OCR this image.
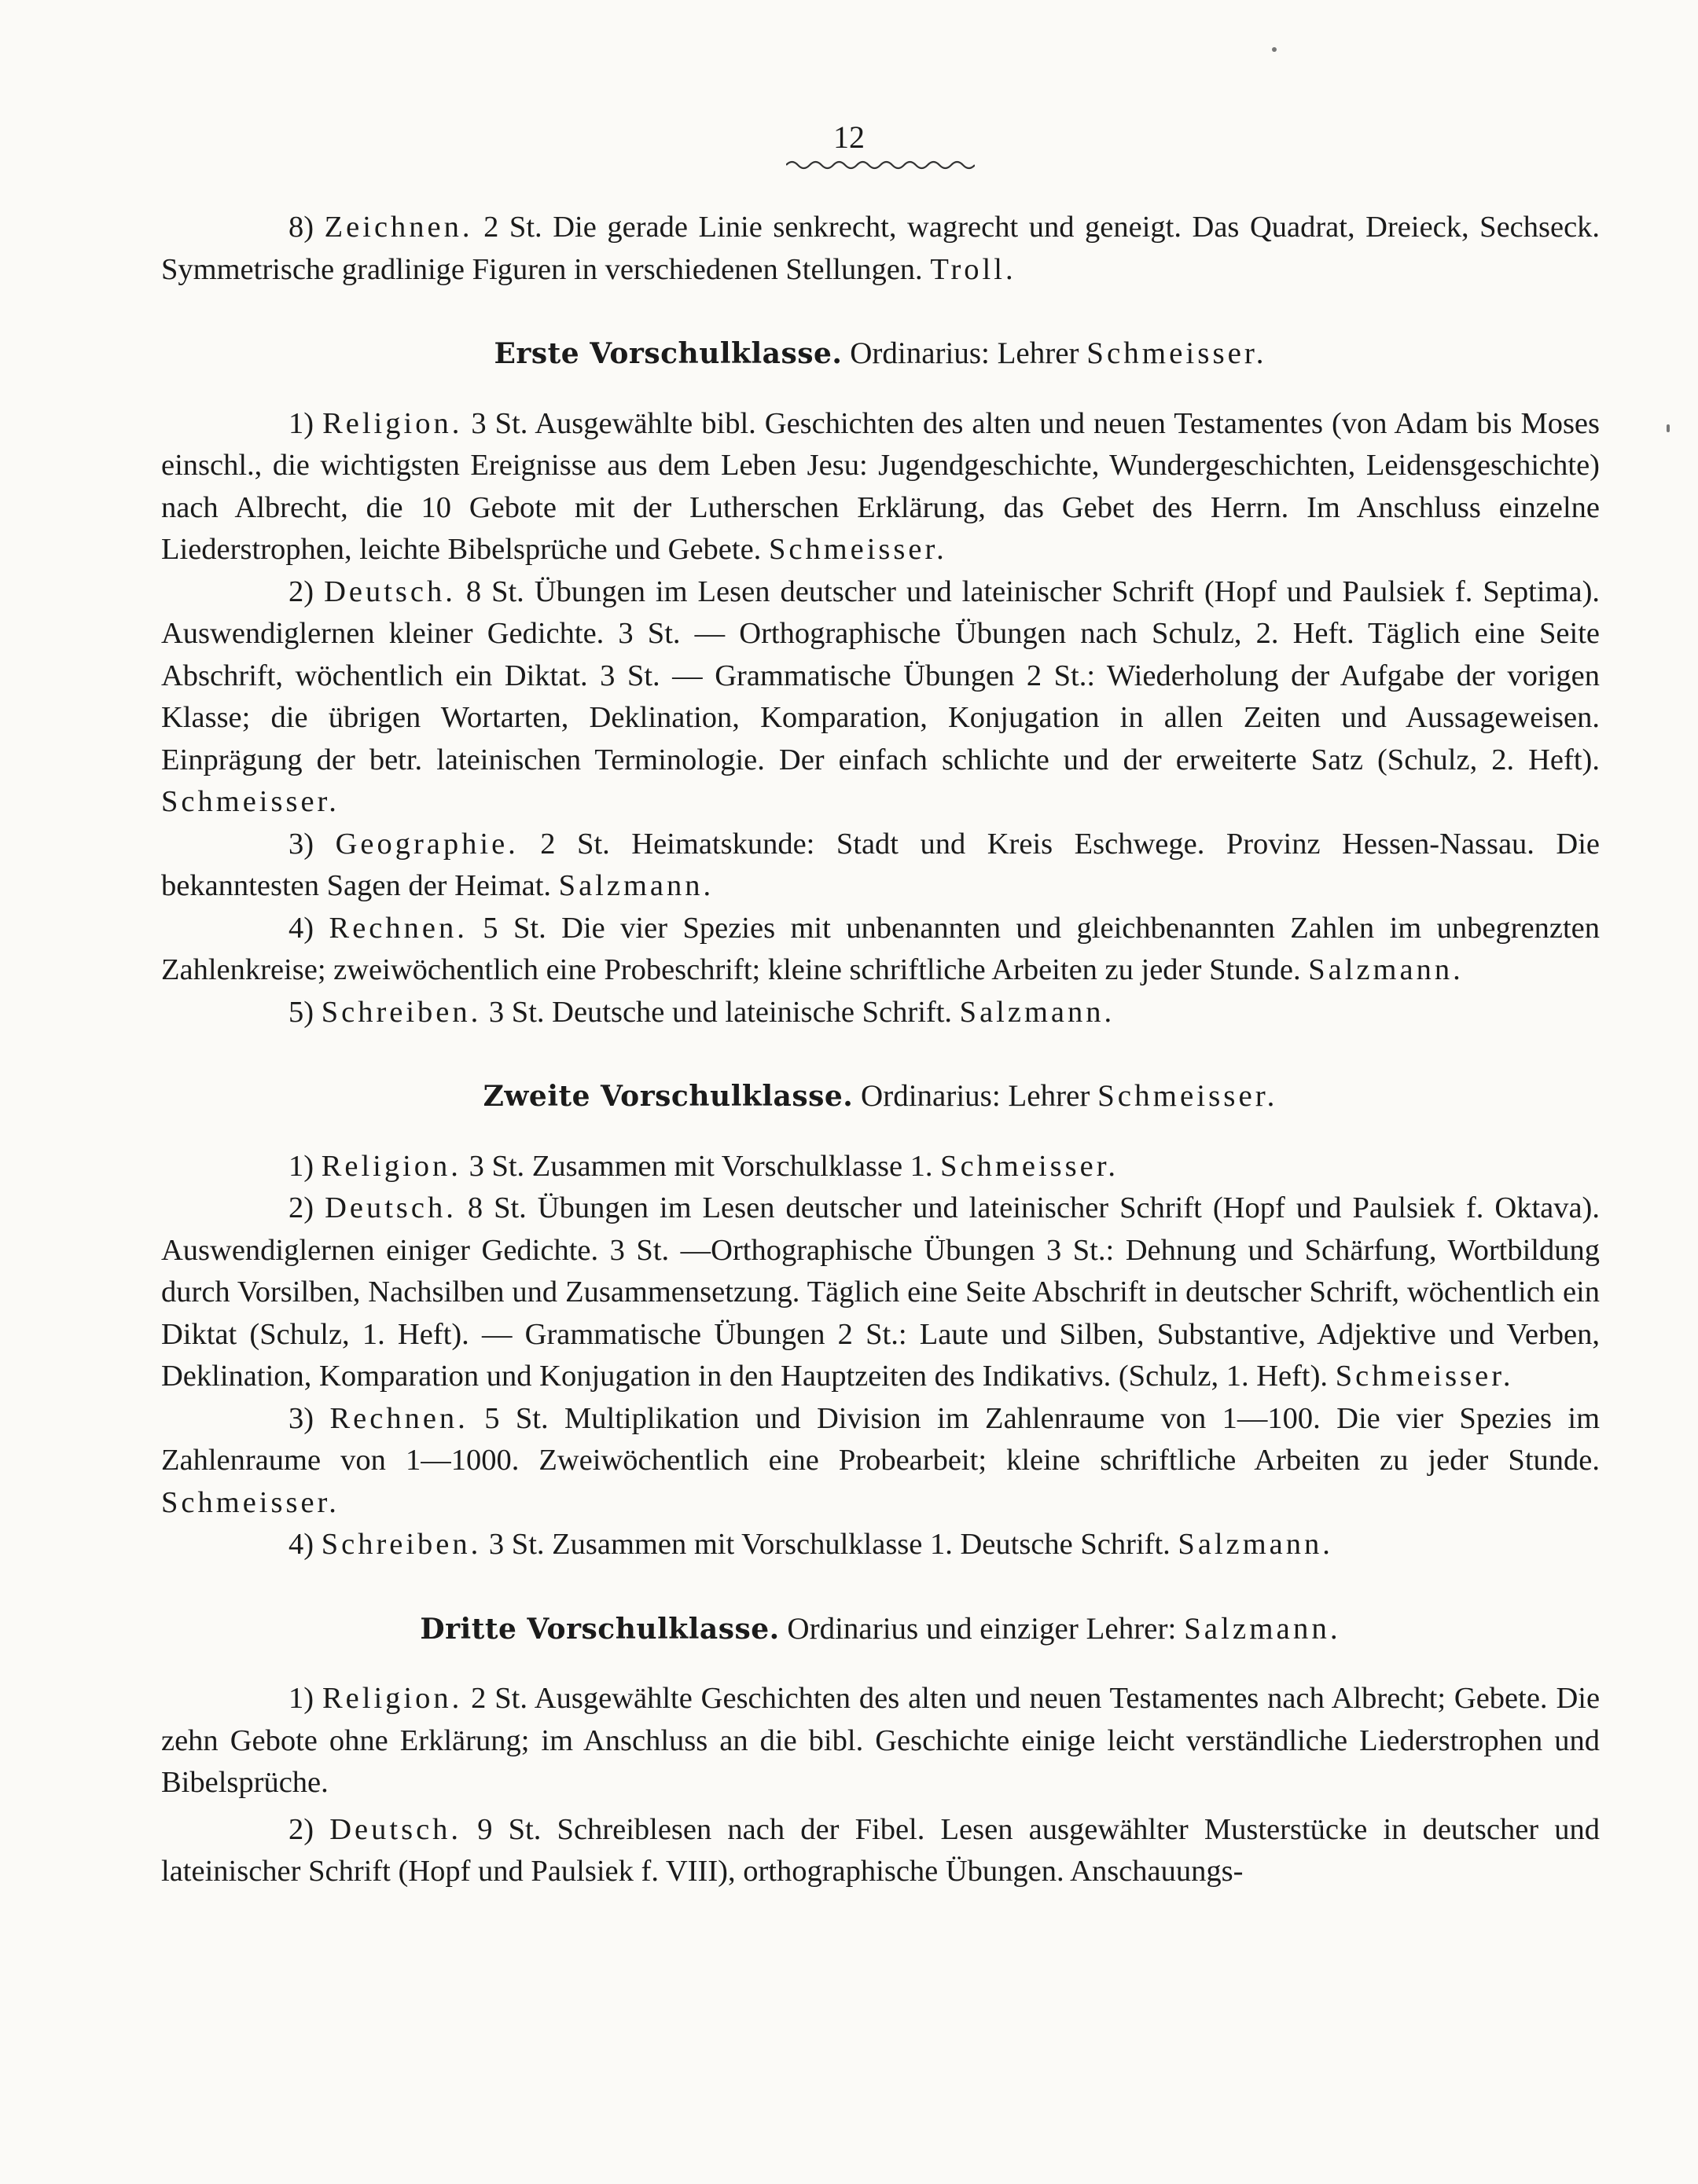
12

8) Zeichnen. 2 St. Die gerade Linie senkrecht, wagrecht und geneigt. Das Quadrat, Dreieck, Sechseck. Symmetrische gradlinige Figuren in verschiedenen Stellungen. Troll.

Erste Vorschulklasse. Ordinarius: Lehrer Schmeisser.

1) Religion. 3 St. Ausgewählte bibl. Geschichten des alten und neuen Testamentes (von Adam bis Moses einschl., die wichtigsten Ereignisse aus dem Leben Jesu: Jugendgeschichte, Wundergeschichten, Leidensgeschichte) nach Albrecht, die 10 Gebote mit der Lutherschen Erklärung, das Gebet des Herrn. Im Anschluss einzelne Liederstrophen, leichte Bibelsprüche und Gebete. Schmeisser.

2) Deutsch. 8 St. Übungen im Lesen deutscher und lateinischer Schrift (Hopf und Paulsiek f. Septima). Auswendiglernen kleiner Gedichte. 3 St. — Orthographische Übungen nach Schulz, 2. Heft. Täglich eine Seite Abschrift, wöchentlich ein Diktat. 3 St. — Grammatische Übungen 2 St.: Wiederholung der Aufgabe der vorigen Klasse; die übrigen Wortarten, Deklination, Komparation, Konjugation in allen Zeiten und Aussageweisen. Einprägung der betr. lateinischen Terminologie. Der einfach schlichte und der erweiterte Satz (Schulz, 2. Heft). Schmeisser.

3) Geographie. 2 St. Heimatskunde: Stadt und Kreis Eschwege. Provinz Hessen-Nassau. Die bekanntesten Sagen der Heimat. Salzmann.

4) Rechnen. 5 St. Die vier Spezies mit unbenannten und gleichbenannten Zahlen im unbegrenzten Zahlenkreise; zweiwöchentlich eine Probeschrift; kleine schriftliche Arbeiten zu jeder Stunde. Salzmann.

5) Schreiben. 3 St. Deutsche und lateinische Schrift. Salzmann.

Zweite Vorschulklasse. Ordinarius: Lehrer Schmeisser.

1) Religion. 3 St. Zusammen mit Vorschulklasse 1. Schmeisser.

2) Deutsch. 8 St. Übungen im Lesen deutscher und lateinischer Schrift (Hopf und Paulsiek f. Oktava). Auswendiglernen einiger Gedichte. 3 St. —Orthographische Übungen 3 St.: Dehnung und Schärfung, Wortbildung durch Vorsilben, Nachsilben und Zusammensetzung. Täglich eine Seite Abschrift in deutscher Schrift, wöchentlich ein Diktat (Schulz, 1. Heft). — Grammatische Übungen 2 St.: Laute und Silben, Substantive, Adjektive und Verben, Deklination, Komparation und Konjugation in den Hauptzeiten des Indikativs. (Schulz, 1. Heft). Schmeisser.

3) Rechnen. 5 St. Multiplikation und Division im Zahlenraume von 1—100. Die vier Spezies im Zahlenraume von 1—1000. Zweiwöchentlich eine Probearbeit; kleine schriftliche Arbeiten zu jeder Stunde. Schmeisser.

4) Schreiben. 3 St. Zusammen mit Vorschulklasse 1. Deutsche Schrift. Salzmann.

Dritte Vorschulklasse. Ordinarius und einziger Lehrer: Salzmann.

1) Religion. 2 St. Ausgewählte Geschichten des alten und neuen Testamentes nach Albrecht; Gebete. Die zehn Gebote ohne Erklärung; im Anschluss an die bibl. Geschichte einige leicht verständliche Liederstrophen und Bibelsprüche.

2) Deutsch. 9 St. Schreiblesen nach der Fibel. Lesen ausgewählter Musterstücke in deutscher und lateinischer Schrift (Hopf und Paulsiek f. VIII), orthographische Übungen. Anschauungs-
